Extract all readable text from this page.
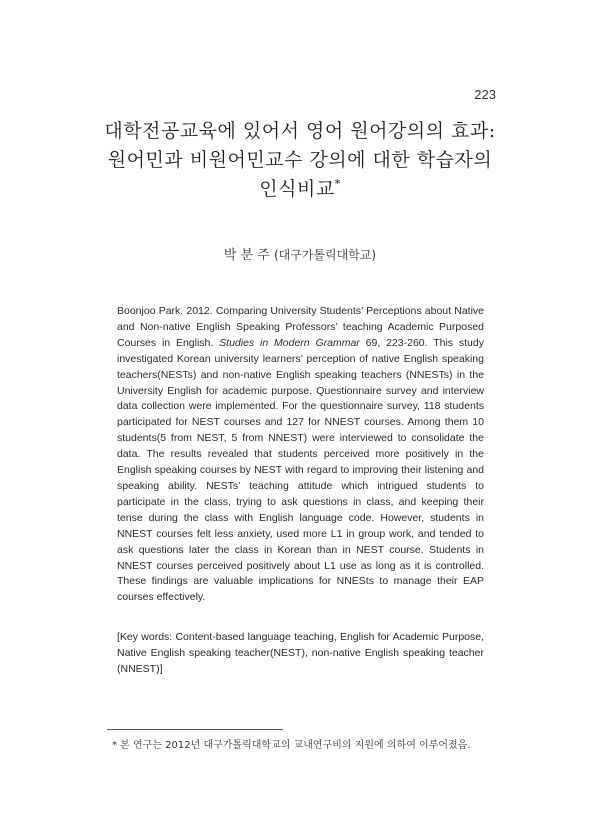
223
대학전공교육에 있어서 영어 원어강의의 효과:
원어민과 비원어민교수 강의에 대한 학습자의
인식비교*
박 분 주 (대구가톨릭대학교)
Boonjoo Park. 2012. Comparing University Students’ Perceptions about Native and Non-native English Speaking Professors’ teaching Academic Purposed Courses in English. Studies in Modern Grammar 69, 223-260. This study investigated Korean university learners’ perception of native English speaking teachers(NESTs) and non-native English speaking teachers (NNESTs) in the University English for academic purpose. Questionnaire survey and interview data collection were implemented. For the questionnaire survey, 118 students participated for NEST courses and 127 for NNEST courses. Among them 10 students(5 from NEST, 5 from NNEST) were interviewed to consolidate the data. The results revealed that students perceived more positively in the English speaking courses by NEST with regard to improving their listening and speaking ability. NESTs’ teaching attitude which intrigued students to participate in the class, trying to ask questions in class, and keeping their tense during the class with English language code. However, students in NNEST courses felt less anxiety, used more L1 in group work, and tended to ask questions later the class in Korean than in NEST course. Students in NNEST courses perceived positively about L1 use as long as it is controlled. These findings are valuable implications for NNESts to manage their EAP courses effectively.
[Key words: Content-based language teaching, English for Academic Purpose, Native English speaking teacher(NEST), non-native English speaking teacher (NNEST)]
* 본 연구는 2012년 대구가톨릭대학교의 교내연구비의 지원에 의하여 이루어졌음.
